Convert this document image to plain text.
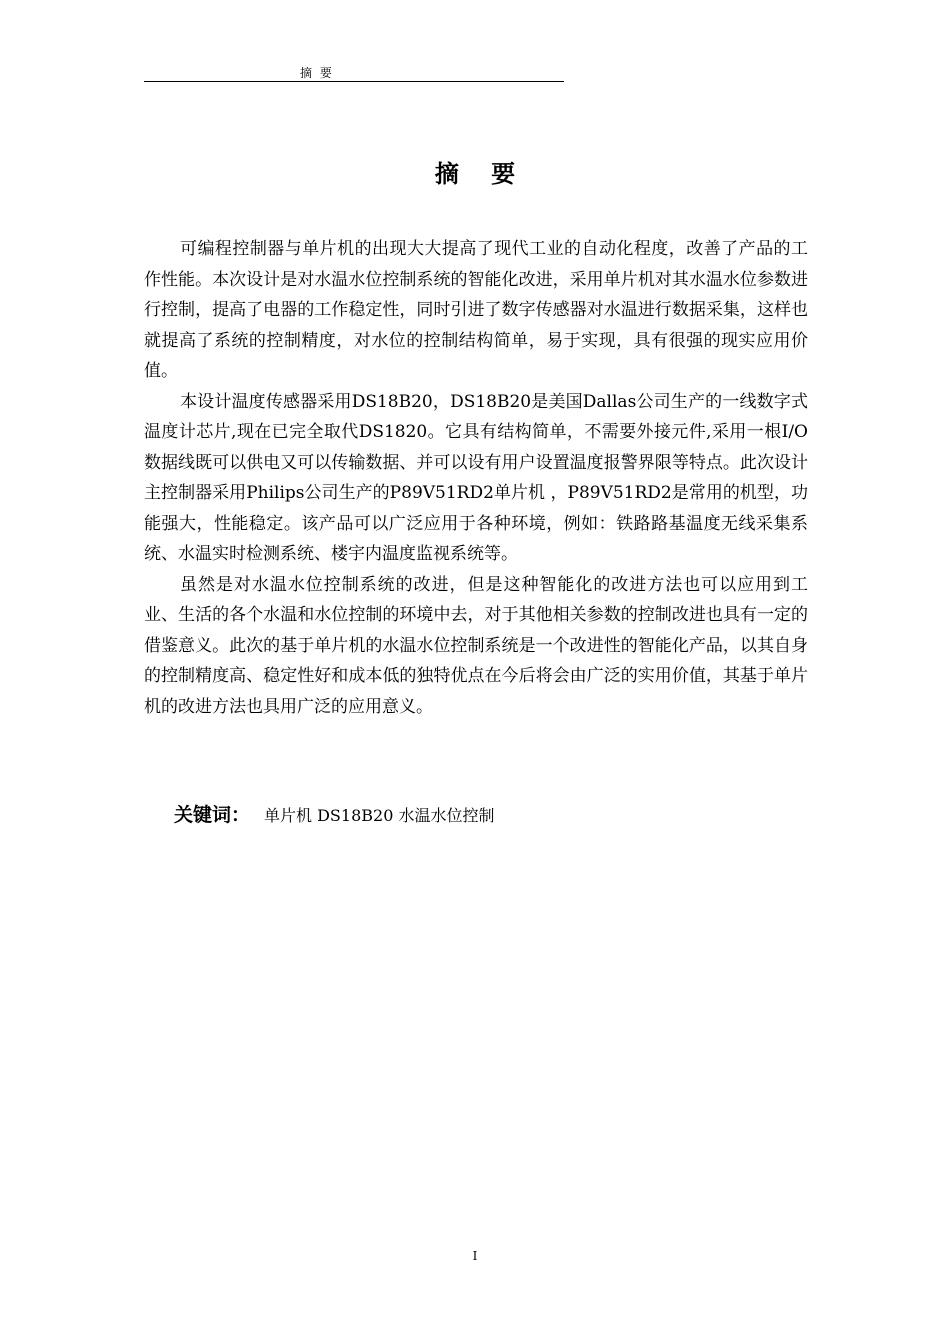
摘 要
摘 要

可编程控制器与单片机的出现大大提高了现代工业的自动化程度，改善了产品的工作性能。本次设计是对水温水位控制系统的智能化改进，采用单片机对其水温水位参数进行控制，提高了电器的工作稳定性，同时引进了数字传感器对水温进行数据采集，这样也就提高了系统的控制精度，对水位的控制结构简单，易于实现，具有很强的现实应用价值。

本设计温度传感器采用DS18B20，DS18B20是美国Dallas公司生产的一线数字式温度计芯片,现在已完全取代DS1820。它具有结构简单，不需要外接元件,采用一根I/O数据线既可以供电又可以传输数据、并可以设有用户设置温度报警界限等特点。此次设计主控制器采用Philips公司生产的P89V51RD2单片机 ，P89V51RD2是常用的机型，功能强大，性能稳定。该产品可以广泛应用于各种环境，例如：铁路路基温度无线采集系统、水温实时检测系统、楼宇内温度监视系统等。

虽然是对水温水位控制系统的改进，但是这种智能化的改进方法也可以应用到工业、生活的各个水温和水位控制的环境中去，对于其他相关参数的控制改进也具有一定的借鉴意义。此次的基于单片机的水温水位控制系统是一个改进性的智能化产品，以其自身的控制精度高、稳定性好和成本低的独特优点在今后将会由广泛的实用价值，其基于单片机的改进方法也具用广泛的应用意义。

关键词： 单片机 DS18B20 水温水位控制
I
